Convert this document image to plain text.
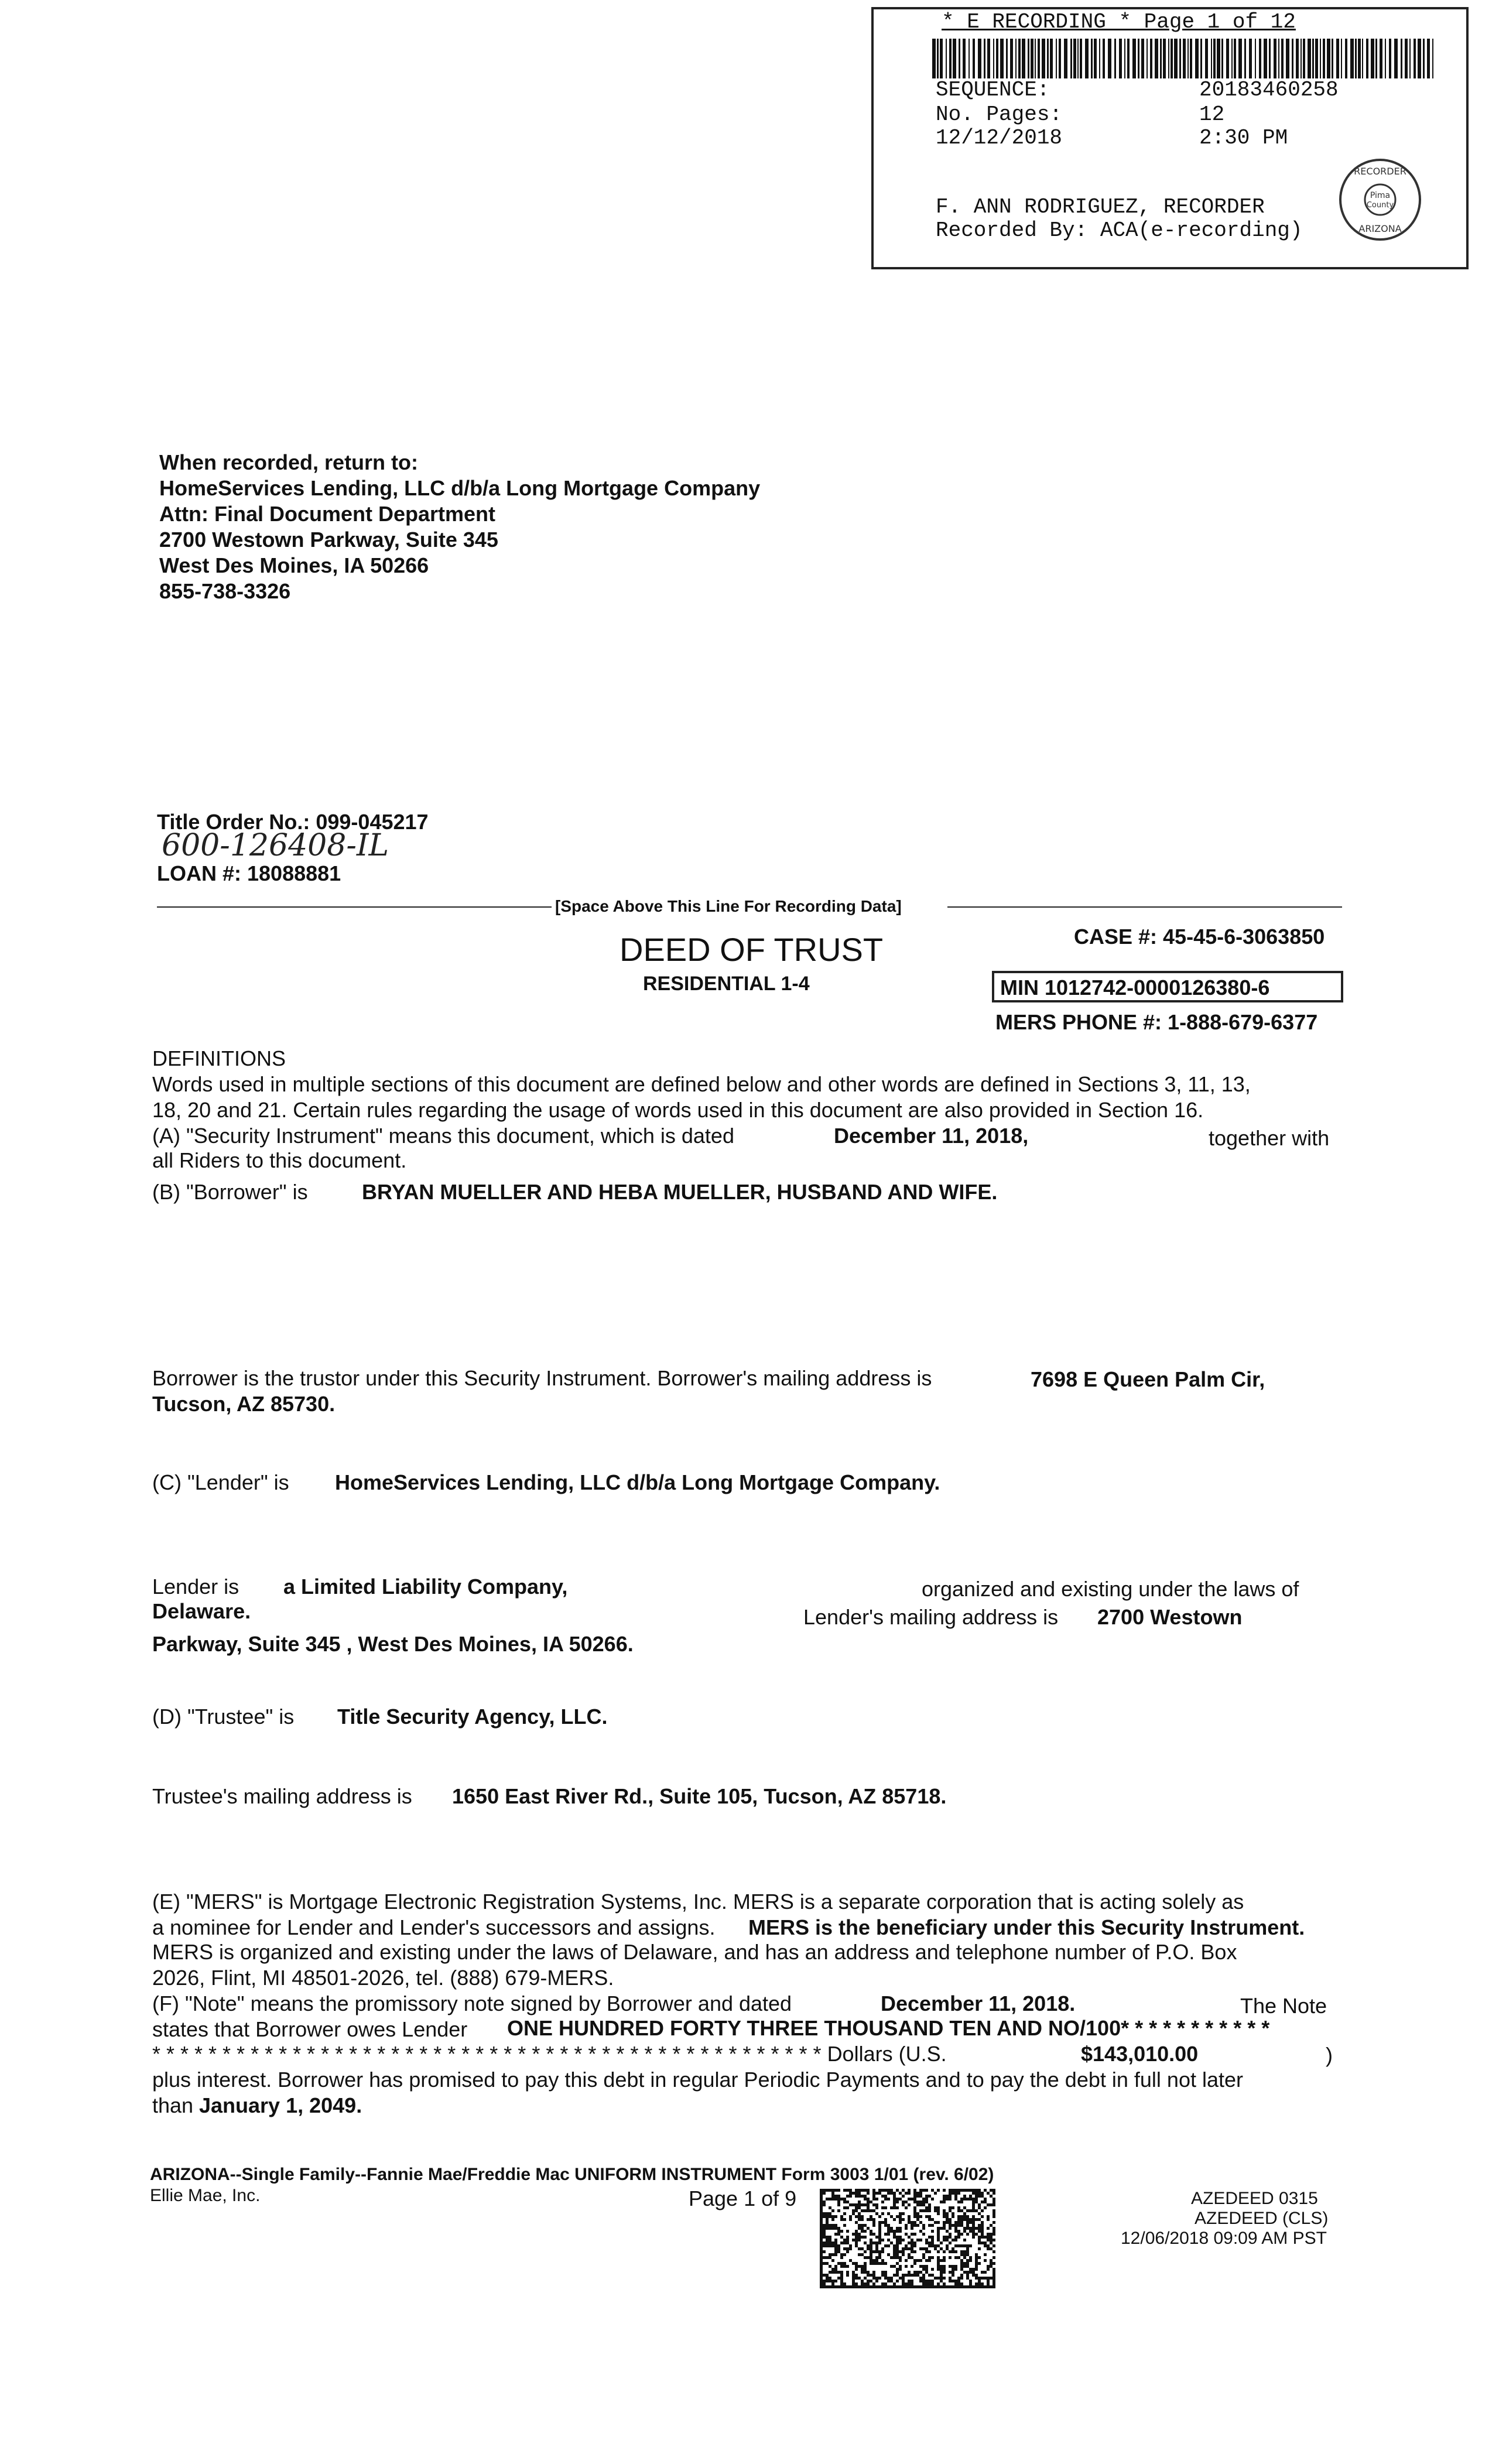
* E RECORDING * Page 1 of 12
SEQUENCE:	20183460258
No. Pages:	12
12/12/2018	2:30 PM
F. ANN RODRIGUEZ, RECORDER
Recorded By: ACA(e-recording)
RECORDER
Pima
County
ARIZONA
When recorded, return to:
HomeServices Lending, LLC d/b/a Long Mortgage Company
Attn: Final Document Department
2700 Westown Parkway, Suite 345
West Des Moines, IA 50266
855-738-3326
Title Order No.: 099-045217
600-126408-IL
LOAN #: 18088881
[Space Above This Line For Recording Data]
DEED OF TRUST
RESIDENTIAL 1-4
CASE #: 45-45-6-3063850
MIN 1012742-0000126380-6
MERS PHONE #: 1-888-679-6377
DEFINITIONS
Words used in multiple sections of this document are defined below and other words are defined in Sections 3, 11, 13,
18, 20 and 21. Certain rules regarding the usage of words used in this document are also provided in Section 16.
(A) "Security Instrument" means this document, which is dated	December 11, 2018,	together with
all Riders to this document.
(B) "Borrower" is	BRYAN MUELLER AND HEBA MUELLER, HUSBAND AND WIFE.
Borrower is the trustor under this Security Instrument. Borrower's mailing address is	7698 E Queen Palm Cir,
Tucson, AZ 85730.
(C) "Lender" is HomeServices Lending, LLC d/b/a Long Mortgage Company.
Lender is a Limited Liability Company,	organized and existing under the laws of
Delaware.	Lender's mailing address is 2700 Westown
Parkway, Suite 345 , West Des Moines, IA 50266.
(D) "Trustee" is Title Security Agency, LLC.
Trustee's mailing address is 1650 East River Rd., Suite 105, Tucson, AZ 85718.
(E) "MERS" is Mortgage Electronic Registration Systems, Inc. MERS is a separate corporation that is acting solely as
a nominee for Lender and Lender's successors and assigns. MERS is the beneficiary under this Security Instrument.
MERS is organized and existing under the laws of Delaware, and has an address and telephone number of P.O. Box
2026, Flint, MI 48501-2026, tel. (888) 679-MERS.
(F) "Note" means the promissory note signed by Borrower and dated	December 11, 2018.	The Note
states that Borrower owes Lender ONE HUNDRED FORTY THREE THOUSAND TEN AND NO/100* * * * * * * * * * *
* * * * * * * * * * * * * * * * * * * * * * * * * * * * * * * * * * * * * * * * * * * * * * * * Dollars (U.S.	$143,010.00	)
plus interest. Borrower has promised to pay this debt in regular Periodic Payments and to pay the debt in full not later
than January 1, 2049.
ARIZONA--Single Family--Fannie Mae/Freddie Mac UNIFORM INSTRUMENT Form 3003 1/01 (rev. 6/02)
Ellie Mae, Inc.	Page 1 of 9	AZEDEED 0315
AZEDEED (CLS)
12/06/2018 09:09 AM PST
